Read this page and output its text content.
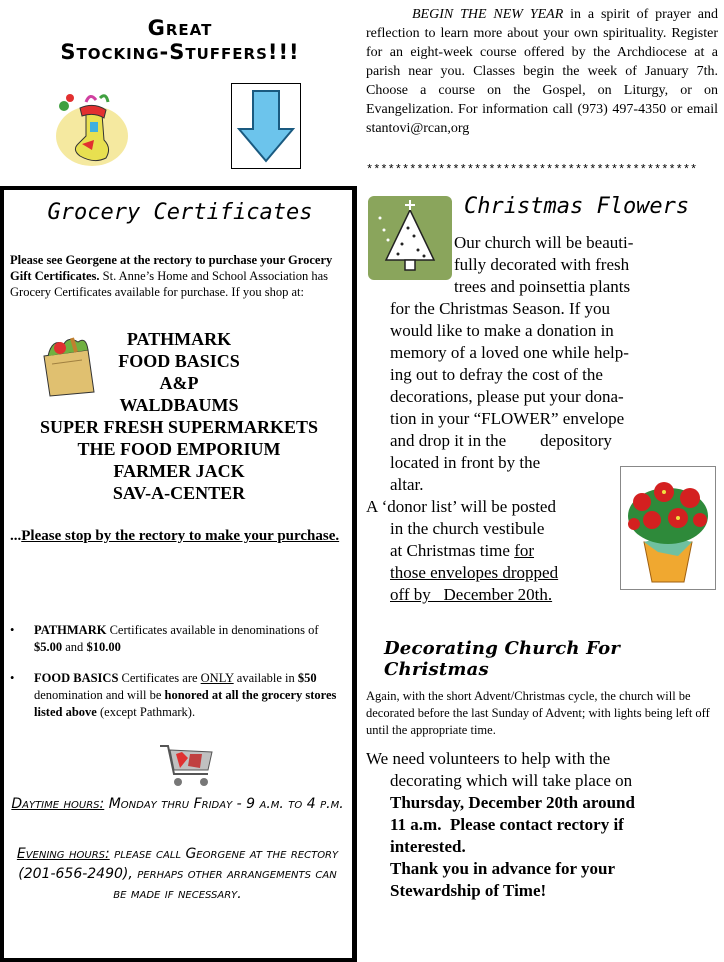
Great
Stocking-Stuffers!!!
BEGIN THE NEW YEAR in a spirit of prayer and reflection to learn more about your own spirituality. Register for an eight-week course offered by the Archdiocese at a parish near you. Classes begin the week of January 7th. Choose a course on the Gospel, on Liturgy, or on Evangelization. For information call (973) 497-4350 or email stantovi@rcan,org
**********************************************
Grocery Certificates
Please see Georgene at the rectory to purchase your Grocery Gift Certificates. St. Anne’s Home and School Association has Grocery Certificates available for purchase. If you shop at:
PATHMARK
FOOD BASICS
A&P
WALDBAUMS
SUPER FRESH SUPERMARKETS
THE FOOD EMPORIUM
FARMER JACK
SAV-A-CENTER
...Please stop by the rectory to make your purchase.
• PATHMARK Certificates available in denominations of $5.00 and $10.00
• FOOD BASICS Certificates are ONLY available in $50 denomination and will be honored at all the grocery stores listed above (except Pathmark).
Daytime hours: Monday thru Friday - 9 a.m. to 4 p.m.
Evening hours: please call Georgene at the rectory (201-656-2490), perhaps other arrangements can be made if necessary.
Christmas Flowers
Our church will be beauti-
fully decorated with fresh
trees and poinsettia plants
for the Christmas Season. If you
would like to make a donation in
memory of a loved one while help-
ing out to defray the cost of the
decorations, please put your dona-
tion in your “FLOWER” envelope
and drop it in the        depository
located in front by the
altar.
A ‘donor list’ will be posted
in the church vestibule
at Christmas time for
those envelopes dropped
off by   December 20th.
Decorating Church For Christmas
Again, with the short Advent/Christmas cycle, the church will be decorated before the last Sunday of Advent; with lights being left off until the appropriate time.
We need volunteers to help with the
decorating which will take place on
Thursday, December 20th around
11 a.m.  Please contact rectory if
interested.
Thank you in advance for your
Stewardship of Time!
